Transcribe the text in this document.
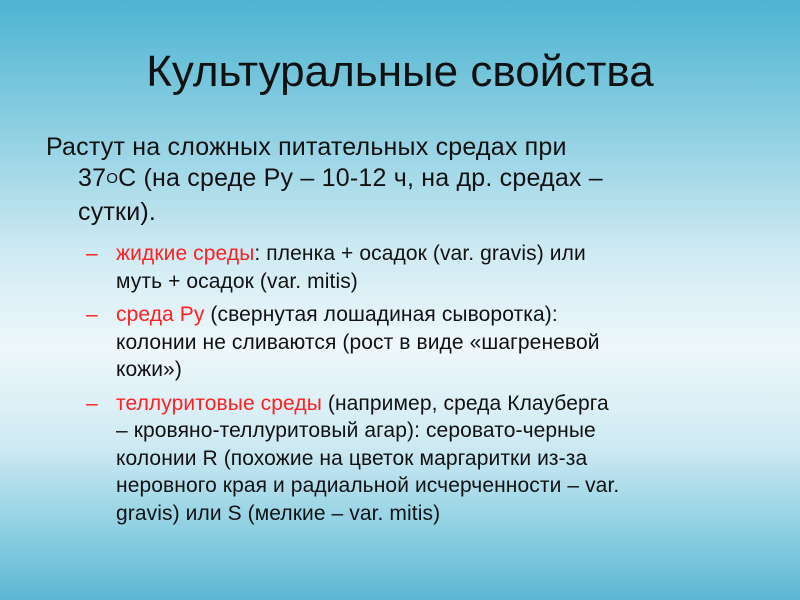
Культуральные свойства
Растут на сложных питательных средах при
$37^ОС$ (на среде Ру – 10-12 ч, на др. средах –
сутки).
– жидкие среды: пленка + осадок (var. gravis) или
муть + осадок (var. mitis)
– среда Ру (свернутая лошадиная сыворотка):
колонии не сливаются (рост в виде «шагреневой
кожи»)
– теллуритовые среды (например, среда Клауберга
– кровяно-теллуритовый агар): серовато-черные
колонии R (похожие на цветок маргаритки из-за
неровного края и радиальной исчерченности – var.
gravis) или S (мелкие – var. mitis)
